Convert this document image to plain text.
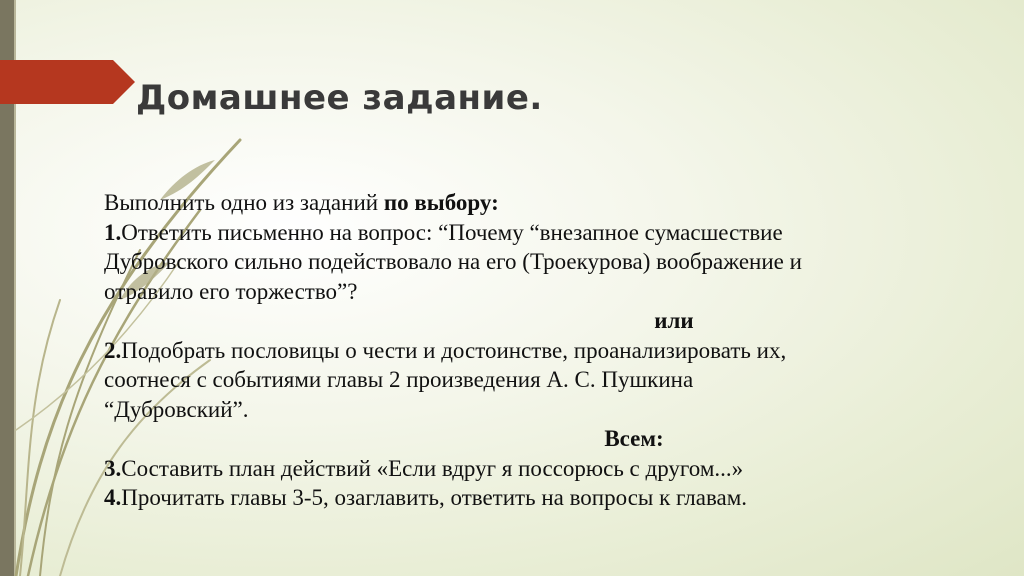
Домашнее задание.
Выполнить одно из заданий по выбору:
1.Ответить письменно на вопрос: “Почему “внезапное сумасшествие
Дубровского сильно подействовало на его (Троекурова) воображение и
отравило его торжество”?
или
2.Подобрать пословицы о чести и достоинстве, проанализировать их,
соотнеся с событиями главы 2 произведения А. С. Пушкина
“Дубровский”.
Всем:
3.Составить план действий «Если вдруг я поссорюсь с другом...»
4.Прочитать главы 3-5, озаглавить, ответить на вопросы к главам.
